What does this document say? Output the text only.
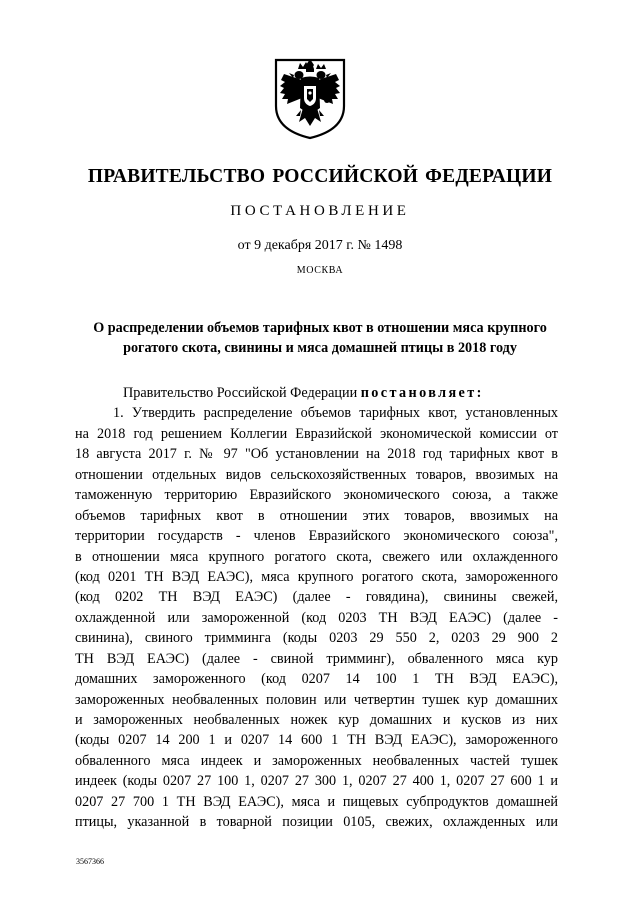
ПРАВИТЕЛЬСТВО РОССИЙСКОЙ ФЕДЕРАЦИИ
ПОСТАНОВЛЕНИЕ
от 9 декабря 2017 г. № 1498
МОСКВА
О распределении объемов тарифных квот в отношении мяса крупного
рогатого скота, свинины и мяса домашней птицы в 2018 году
Правительство Российской Федерации постановляет:
1. Утвердить распределение объемов тарифных квот, установленных
на 2018 год решением Коллегии Евразийской экономической комиссии от
18 августа 2017 г. № 97 "Об установлении на 2018 год тарифных квот в
отношении отдельных видов сельскохозяйственных товаров, ввозимых на
таможенную территорию Евразийского экономического союза, а также
объемов тарифных квот в отношении этих товаров, ввозимых на
территории государств - членов Евразийского экономического союза",
в отношении мяса крупного рогатого скота, свежего или охлажденного
(код 0201 ТН ВЭД ЕАЭС), мяса крупного рогатого скота, замороженного
(код 0202 ТН ВЭД ЕАЭС) (далее - говядина), свинины свежей,
охлажденной или замороженной (код 0203 ТН ВЭД ЕАЭС) (далее -
свинина), свиного тримминга (коды 0203 29 550 2, 0203 29 900 2
ТН ВЭД ЕАЭС) (далее - свиной тримминг), обваленного мяса кур
домашних замороженного (код 0207 14 100 1 ТН ВЭД ЕАЭС),
замороженных необваленных половин или четвертин тушек кур домашних
и замороженных необваленных ножек кур домашних и кусков из них
(коды 0207 14 200 1 и 0207 14 600 1 ТН ВЭД ЕАЭС), замороженного
обваленного мяса индеек и замороженных необваленных частей тушек
индеек (коды 0207 27 100 1, 0207 27 300 1, 0207 27 400 1, 0207 27 600 1 и
0207 27 700 1 ТН ВЭД ЕАЭС), мяса и пищевых субпродуктов домашней
птицы, указанной в товарной позиции 0105, свежих, охлажденных или
3567366
